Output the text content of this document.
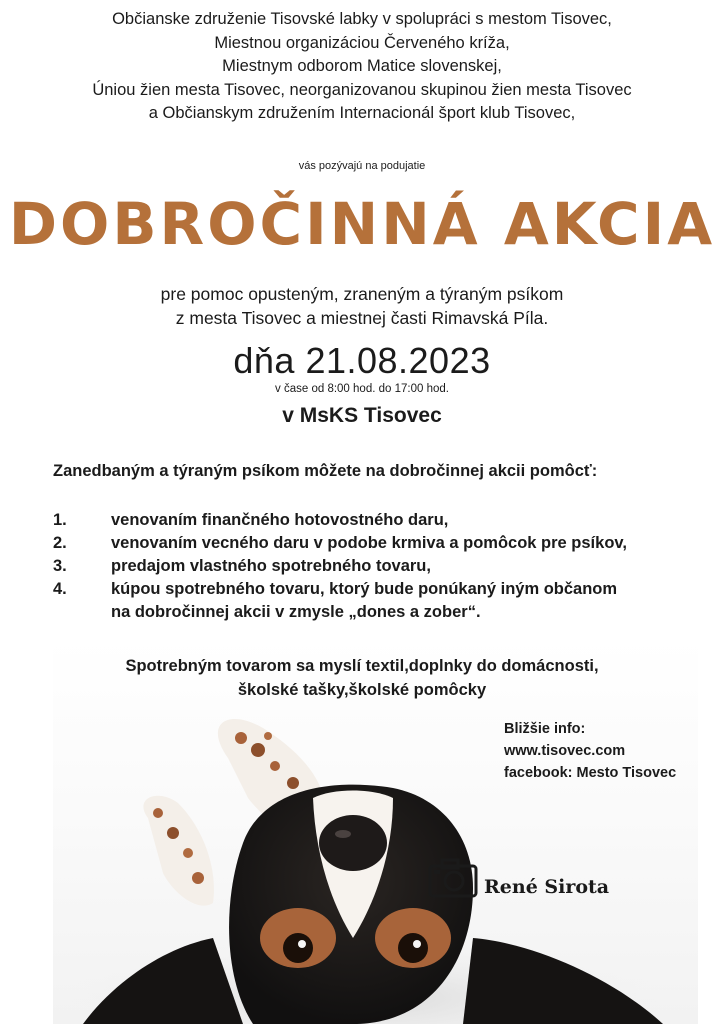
Občianske združenie Tisovské labky v spolupráci s mestom Tisovec,
Miestnou organizáciou Červeného kríža,
Miestnym odborom Matice slovenskej,
Úniou žien mesta Tisovec, neorganizovanou skupinou žien mesta Tisovec
a Občianskym združením Internacionál šport klub Tisovec,
vás pozývajú na podujatie
DOBROČINNÁ AKCIA
pre pomoc opusteným, zraneným a týraným psíkom
z mesta Tisovec a miestnej časti Rimavská Píla.
dňa 21.08.2023
v čase od 8:00 hod. do 17:00 hod.
v MsKS Tisovec
Zanedbaným a týraným psíkom môžete na dobročinnej akcii pomôcť:
1.	venovaním finančného hotovostného daru,
2.	venovaním vecného daru v podobe krmiva a pomôcok pre psíkov,
3.	predajom vlastného spotrebného tovaru,
4.	kúpou spotrebného tovaru, ktorý bude ponúkaný iným občanom
na dobročinnej akcii v zmysle „dones a zober“.
Spotrebným tovarom sa myslí textil,doplnky do domácnosti,
školské tašky,školské pomôcky
Bližšie info:
www.tisovec.com
facebook: Mesto Tisovec
René Sirota
